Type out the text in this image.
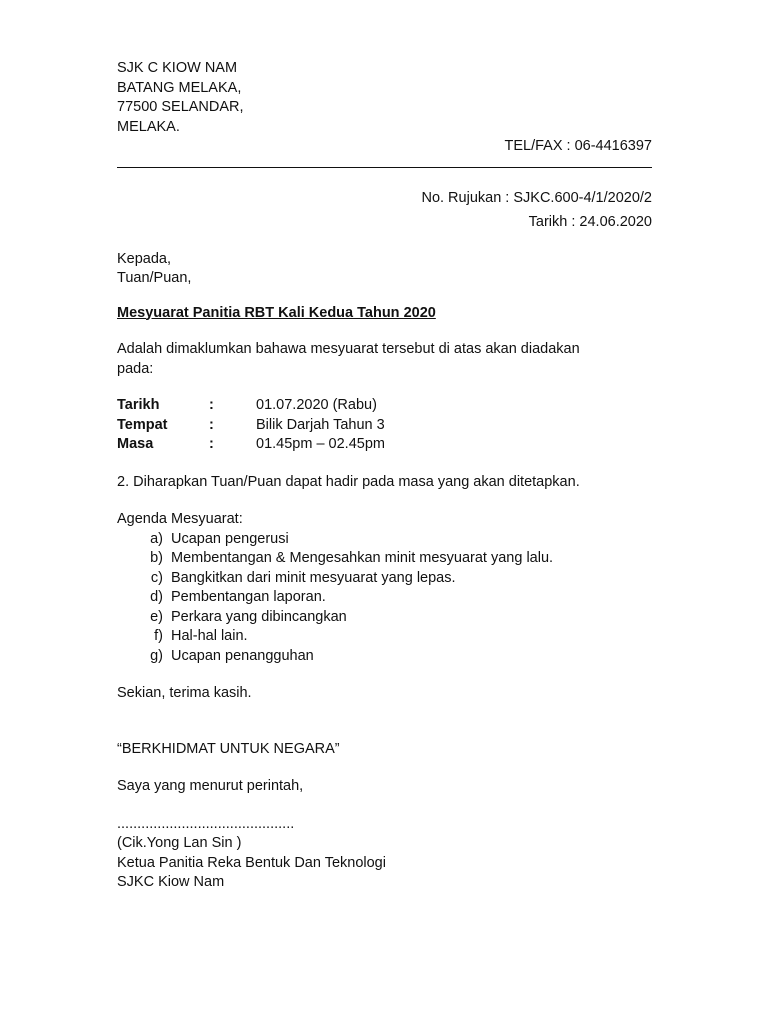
SJK C KIOW NAM
BATANG MELAKA,
77500 SELANDAR,
MELAKA.
TEL/FAX : 06-4416397
No. Rujukan : SJKC.600-4/1/2020/2
Tarikh : 24.06.2020
Kepada,
Tuan/Puan,
Mesyuarat Panitia RBT Kali Kedua Tahun 2020
Adalah dimaklumkan bahawa mesyuarat tersebut di atas akan diadakan
pada:
Tarikh	:	01.07.2020 (Rabu)
Tempat	:	Bilik Darjah Tahun 3
Masa	:	01.45pm – 02.45pm
2. Diharapkan Tuan/Puan dapat hadir pada masa yang akan ditetapkan.
Agenda Mesyuarat:
a) Ucapan pengerusi
b) Membentangan & Mengesahkan minit mesyuarat yang lalu.
c) Bangkitkan dari minit mesyuarat yang lepas.
d) Pembentangan laporan.
e) Perkara yang dibincangkan
f) Hal-hal lain.
g) Ucapan penangguhan
Sekian, terima kasih.
“BERKHIDMAT UNTUK NEGARA”
Saya yang menurut perintah,
............................................
(Cik.Yong Lan Sin )
Ketua Panitia Reka Bentuk Dan Teknologi
SJKC Kiow Nam
